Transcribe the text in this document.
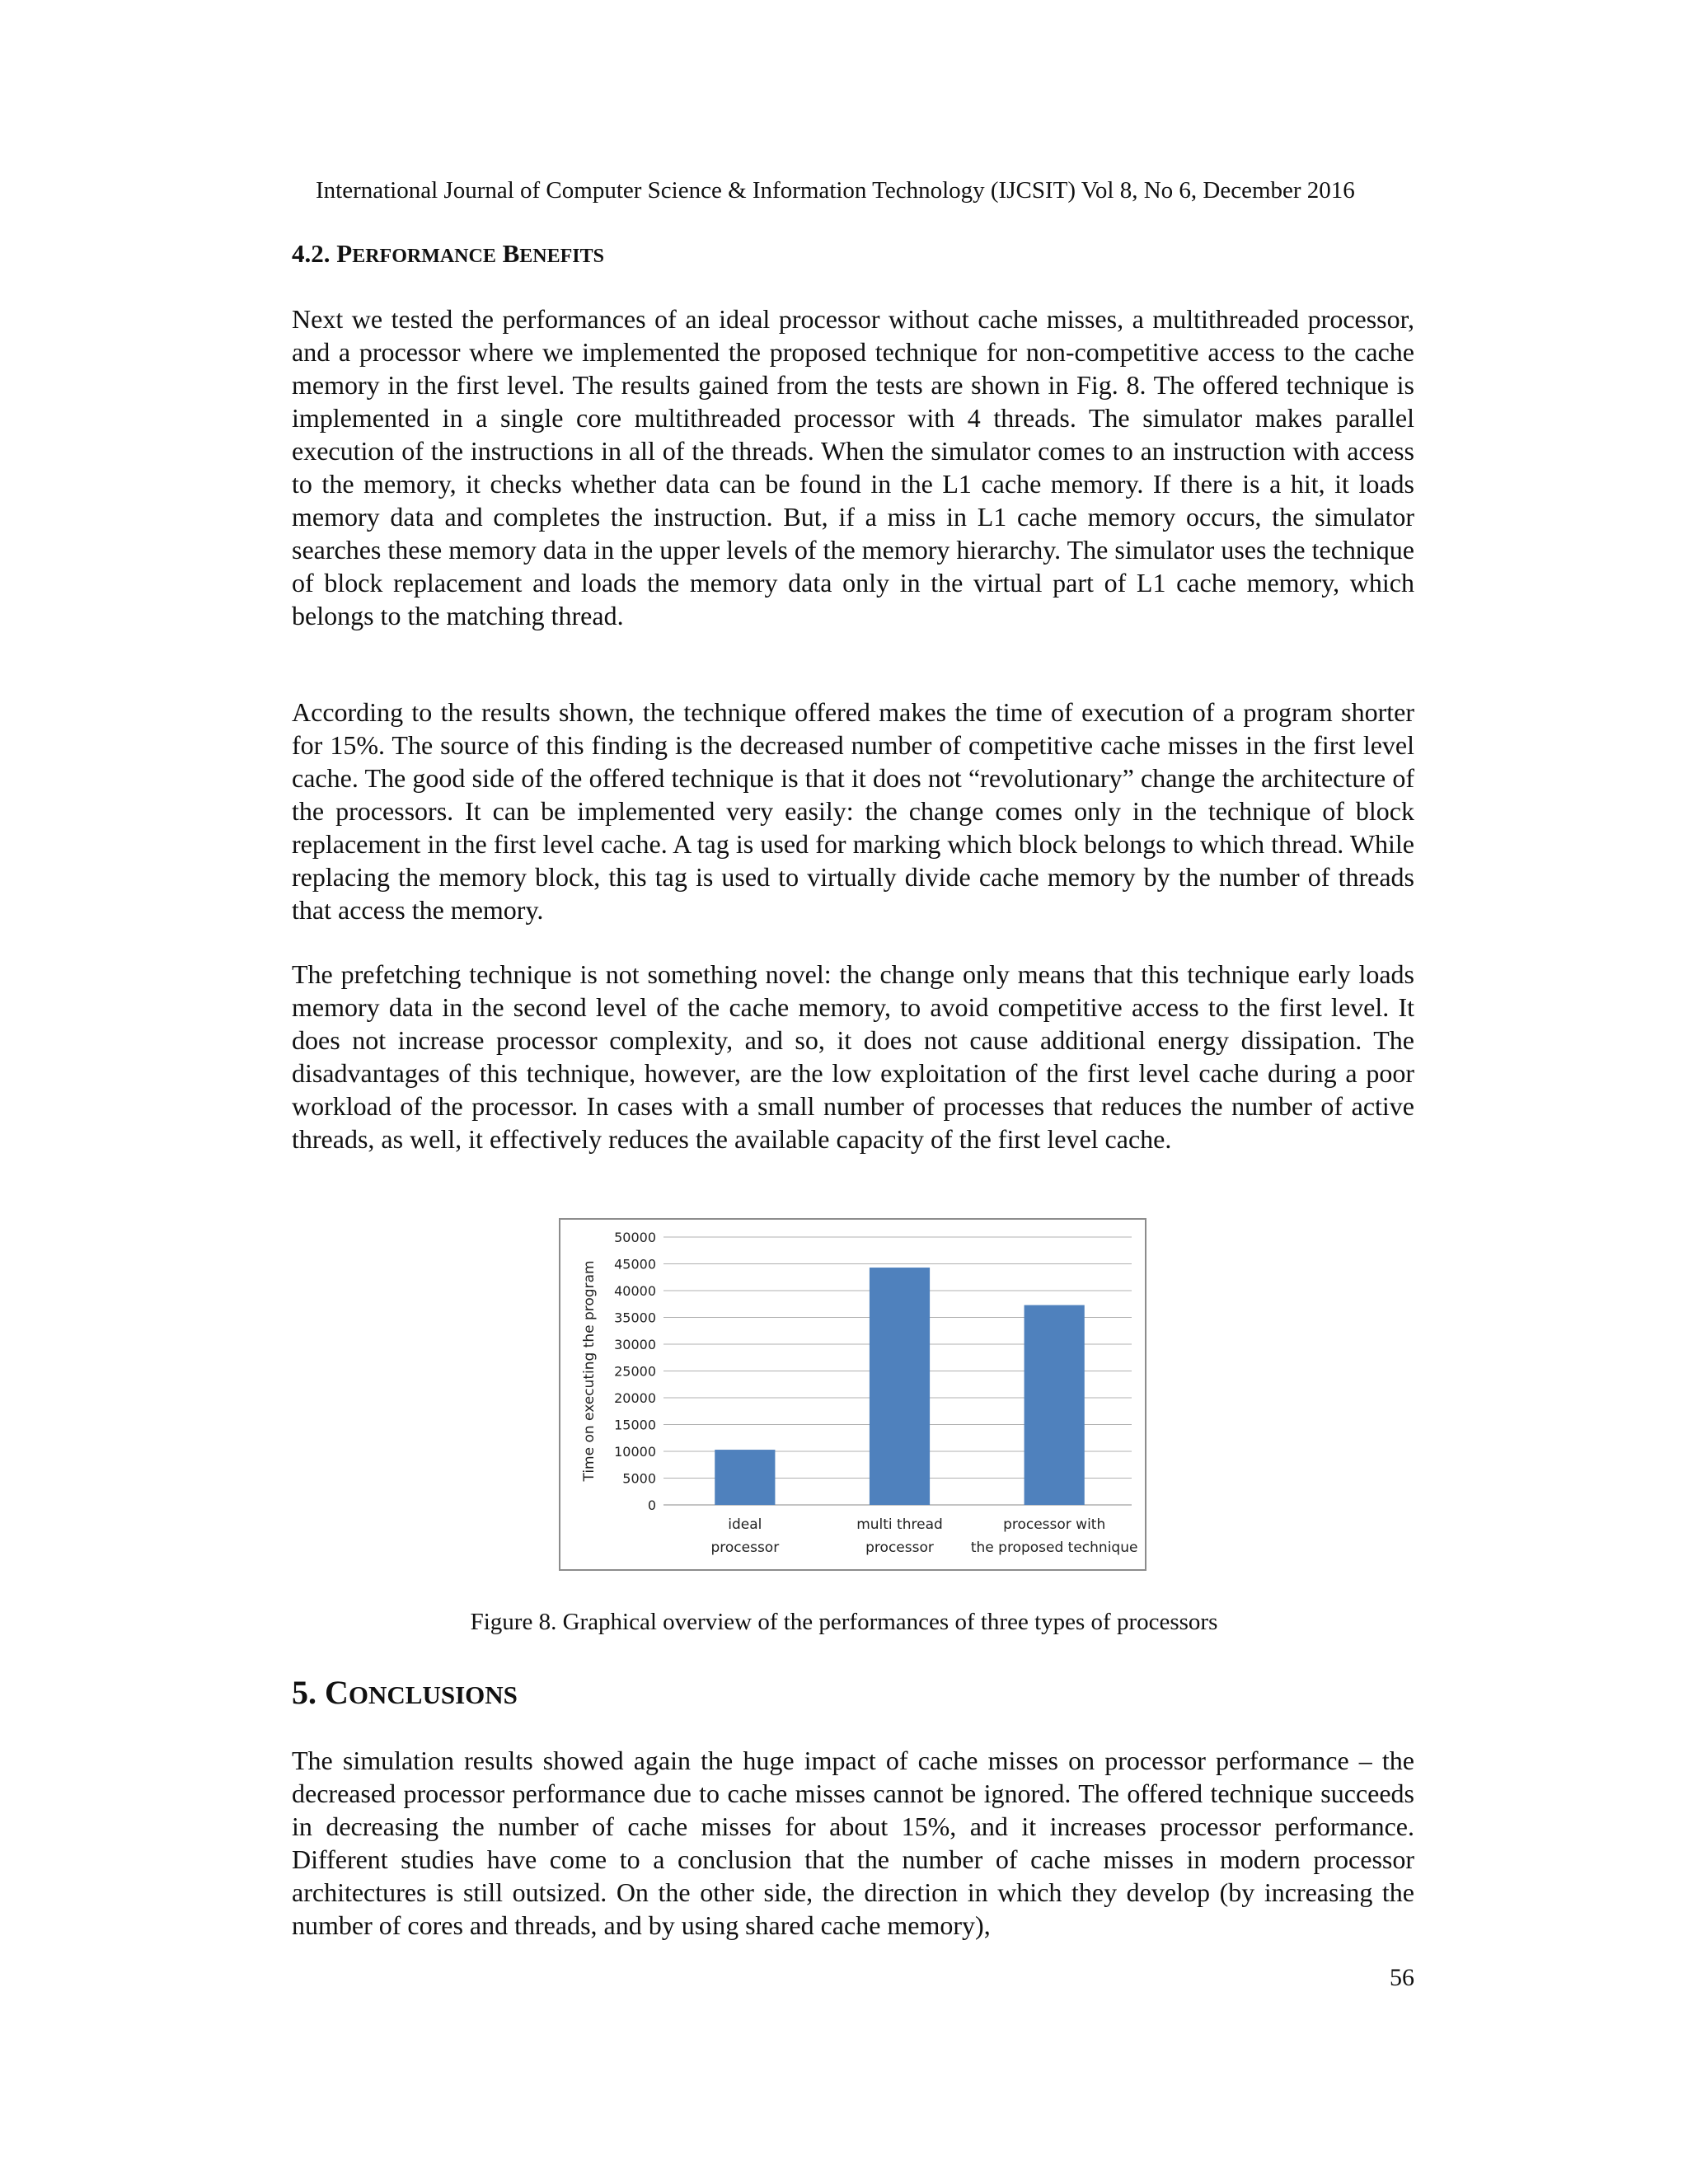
International Journal of Computer Science & Information Technology (IJCSIT) Vol 8, No 6, December 2016
4.2. PERFORMANCE BENEFITS

Next we tested the performances of an ideal processor without cache misses, a multithreaded processor, and a processor where we implemented the proposed technique for non-competitive access to the cache memory in the first level. The results gained from the tests are shown in Fig. 8. The offered technique is implemented in a single core multithreaded processor with 4 threads. The simulator makes parallel execution of the instructions in all of the threads. When the simulator comes to an instruction with access to the memory, it checks whether data can be found in the L1 cache memory. If there is a hit, it loads memory data and completes the instruction. But, if a miss in L1 cache memory occurs, the simulator searches these memory data in the upper levels of the memory hierarchy. The simulator uses the technique of block replacement and loads the memory data only in the virtual part of L1 cache memory, which belongs to the matching thread.

According to the results shown, the technique offered makes the time of execution of a program shorter for 15%. The source of this finding is the decreased number of competitive cache misses in the first level cache. The good side of the offered technique is that it does not “revolutionary” change the architecture of the processors. It can be implemented very easily: the change comes only in the technique of block replacement in the first level cache. A tag is used for marking which block belongs to which thread. While replacing the memory block, this tag is used to virtually divide cache memory by the number of threads that access the memory.

The prefetching technique is not something novel: the change only means that this technique early loads memory data in the second level of the cache memory, to avoid competitive access to the first level. It does not increase processor complexity, and so, it does not cause additional energy dissipation. The disadvantages of this technique, however, are the low exploitation of the first level cache during a poor workload of the processor. In cases with a small number of processes that reduces the number of active threads, as well, it effectively reduces the available capacity of the first level cache.

0
5000
10000
15000
20000
25000
30000
35000
40000
45000
50000
Time on executing the program
ideal
processor
multi thread
processor
processor with
the proposed technique
Figure 8. Graphical overview of the performances of three types of processors
5. CONCLUSIONS

The simulation results showed again the huge impact of cache misses on processor performance – the decreased processor performance due to cache misses cannot be ignored. The offered technique succeeds in decreasing the number of cache misses for about 15%, and it increases processor performance. Different studies have come to a conclusion that the number of cache misses in modern processor architectures is still outsized. On the other side, the direction in which they develop (by increasing the number of cores and threads, and by using shared cache memory),

56
